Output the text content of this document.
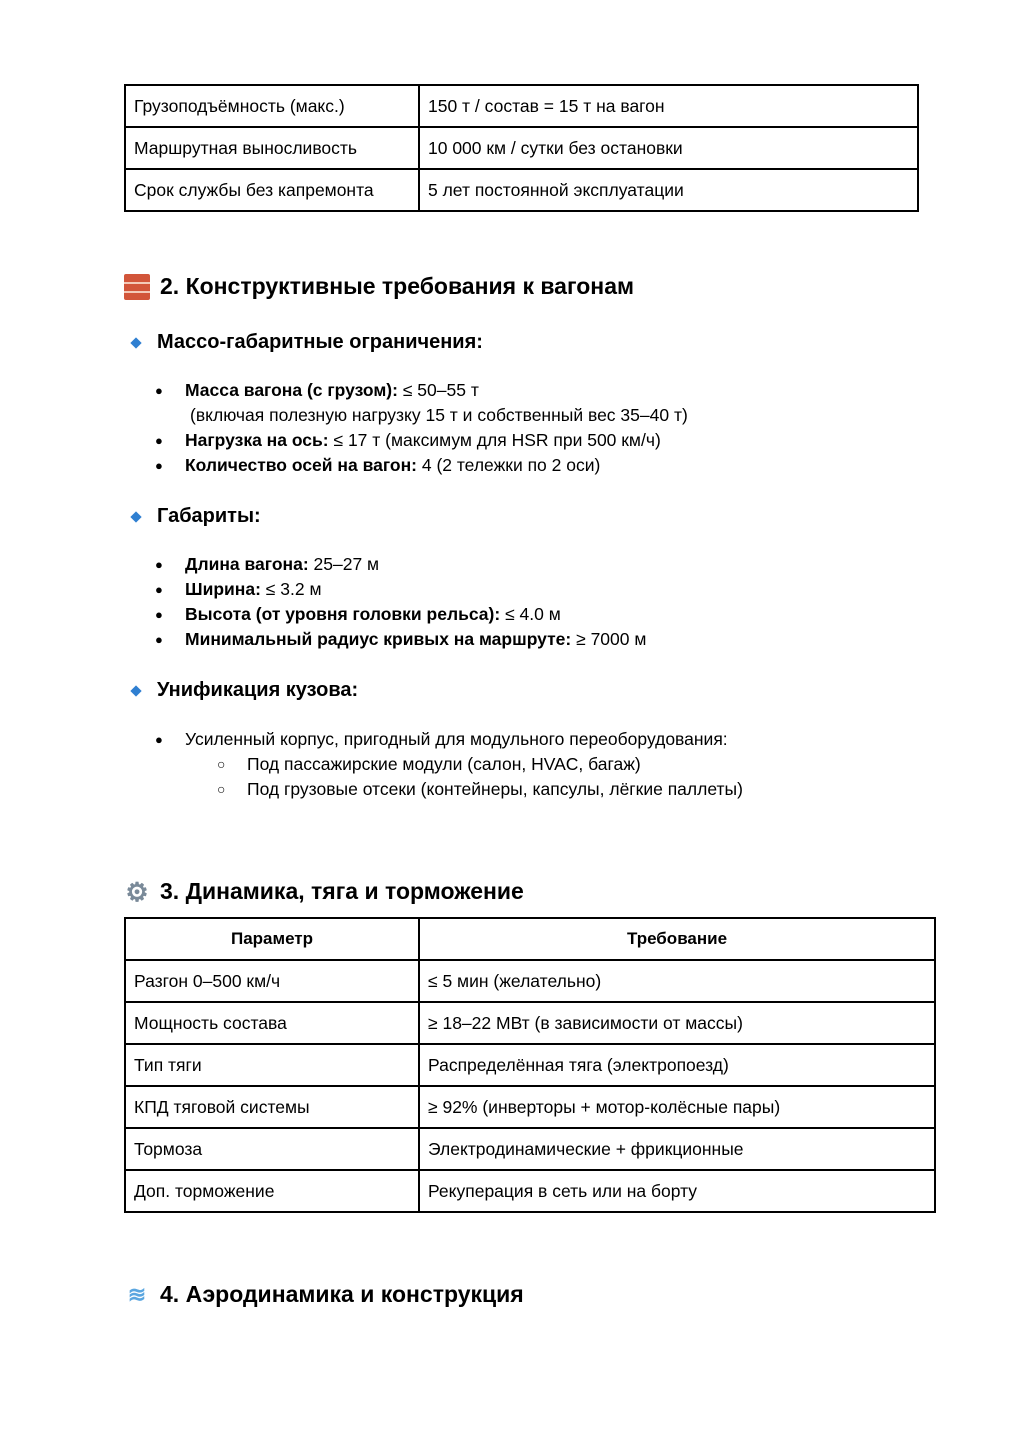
Грузоподъёмность (макс.)	150 т / состав = 15 т на вагон
Маршрутная выносливость	10 000 км / сутки без остановки
Срок службы без капремонта	5 лет постоянной эксплуатации
2. Конструктивные требования к вагонам
Массо-габаритные ограничения:
● Масса вагона (с грузом): ≤ 50–55 т
(включая полезную нагрузку 15 т и собственный вес 35–40 т)
● Нагрузка на ось: ≤ 17 т (максимум для HSR при 500 км/ч)
● Количество осей на вагон: 4 (2 тележки по 2 оси)
Габариты:
● Длина вагона: 25–27 м
● Ширина: ≤ 3.2 м
● Высота (от уровня головки рельса): ≤ 4.0 м
● Минимальный радиус кривых на маршруте: ≥ 7000 м
Унификация кузова:
● Усиленный корпус, пригодный для модульного переоборудования:
○ Под пассажирские модули (салон, HVAC, багаж)
○ Под грузовые отсеки (контейнеры, капсулы, лёгкие паллеты)
⚙ 3. Динамика, тяга и торможение
Параметр	Требование
Разгон 0–500 км/ч	≤ 5 мин (желательно)
Мощность состава	≥ 18–22 МВт (в зависимости от массы)
Тип тяги	Распределённая тяга (электропоезд)
КПД тяговой системы	≥ 92% (инверторы + мотор-колёсные пары)
Тормоза	Электродинамические + фрикционные
Доп. торможение	Рекуперация в сеть или на борту
≋ 4. Аэродинамика и конструкция
